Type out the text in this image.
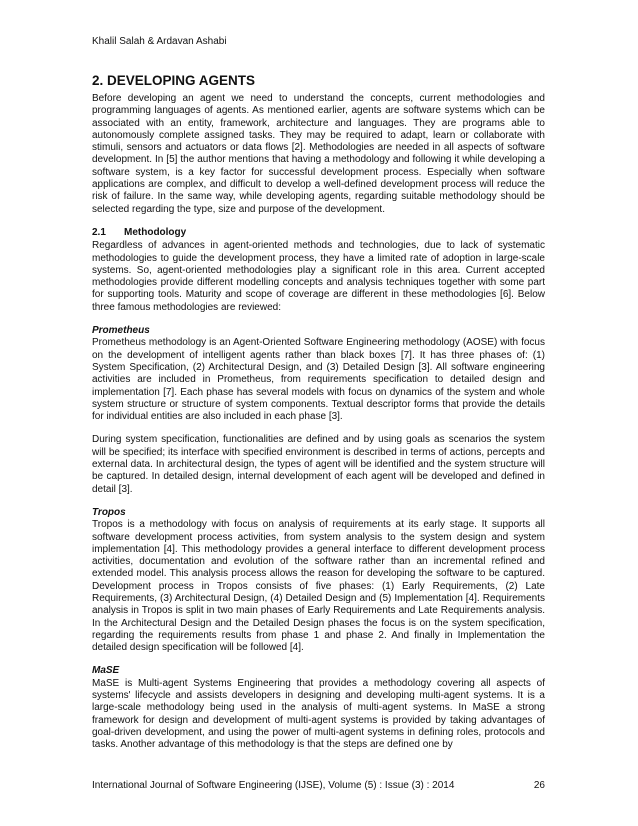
Khalil Salah & Ardavan Ashabi
2. DEVELOPING AGENTS

Before developing an agent we need to understand the concepts, current methodologies and programming languages of agents. As mentioned earlier, agents are software systems which can be associated with an entity, framework, architecture and languages. They are programs able to autonomously complete assigned tasks. They may be required to adapt, learn or collaborate with stimuli, sensors and actuators or data flows [2]. Methodologies are needed in all aspects of software development. In [5] the author mentions that having a methodology and following it while developing a software system, is a key factor for successful development process. Especially when software applications are complex, and difficult to develop a well-defined development process will reduce the risk of failure. In the same way, while developing agents, regarding suitable methodology should be selected regarding the type, size and purpose of the development.

2.1 Methodology

Regardless of advances in agent-oriented methods and technologies, due to lack of systematic methodologies to guide the development process, they have a limited rate of adoption in large-scale systems. So, agent-oriented methodologies play a significant role in this area. Current accepted methodologies provide different modelling concepts and analysis techniques together with some part for supporting tools. Maturity and scope of coverage are different in these methodologies [6]. Below three famous methodologies are reviewed:

Prometheus

Prometheus methodology is an Agent-Oriented Software Engineering methodology (AOSE) with focus on the development of intelligent agents rather than black boxes [7]. It has three phases of: (1) System Specification, (2) Architectural Design, and (3) Detailed Design [3]. All software engineering activities are included in Prometheus, from requirements specification to detailed design and implementation [7]. Each phase has several models with focus on dynamics of the system and whole system structure or structure of system components. Textual descriptor forms that provide the details for individual entities are also included in each phase [3].

During system specification, functionalities are defined and by using goals as scenarios the system will be specified; its interface with specified environment is described in terms of actions, percepts and external data. In architectural design, the types of agent will be identified and the system structure will be captured. In detailed design, internal development of each agent will be developed and defined in detail [3].

Tropos

Tropos is a methodology with focus on analysis of requirements at its early stage. It supports all software development process activities, from system analysis to the system design and system implementation [4]. This methodology provides a general interface to different development process activities, documentation and evolution of the software rather than an incremental refined and extended model. This analysis process allows the reason for developing the software to be captured. Development process in Tropos consists of five phases: (1) Early Requirements, (2) Late Requirements, (3) Architectural Design, (4) Detailed Design and (5) Implementation [4]. Requirements analysis in Tropos is split in two main phases of Early Requirements and Late Requirements analysis. In the Architectural Design and the Detailed Design phases the focus is on the system specification, regarding the requirements results from phase 1 and phase 2. And finally in Implementation the detailed design specification will be followed [4].

MaSE

MaSE is Multi-agent Systems Engineering that provides a methodology covering all aspects of systems' lifecycle and assists developers in designing and developing multi-agent systems. It is a large-scale methodology being used in the analysis of multi-agent systems. In MaSE a strong framework for design and development of multi-agent systems is provided by taking advantages of goal-driven development, and using the power of multi-agent systems in defining roles, protocols and tasks. Another advantage of this methodology is that the steps are defined one by

International Journal of Software Engineering (IJSE), Volume (5) : Issue (3) : 2014	26
